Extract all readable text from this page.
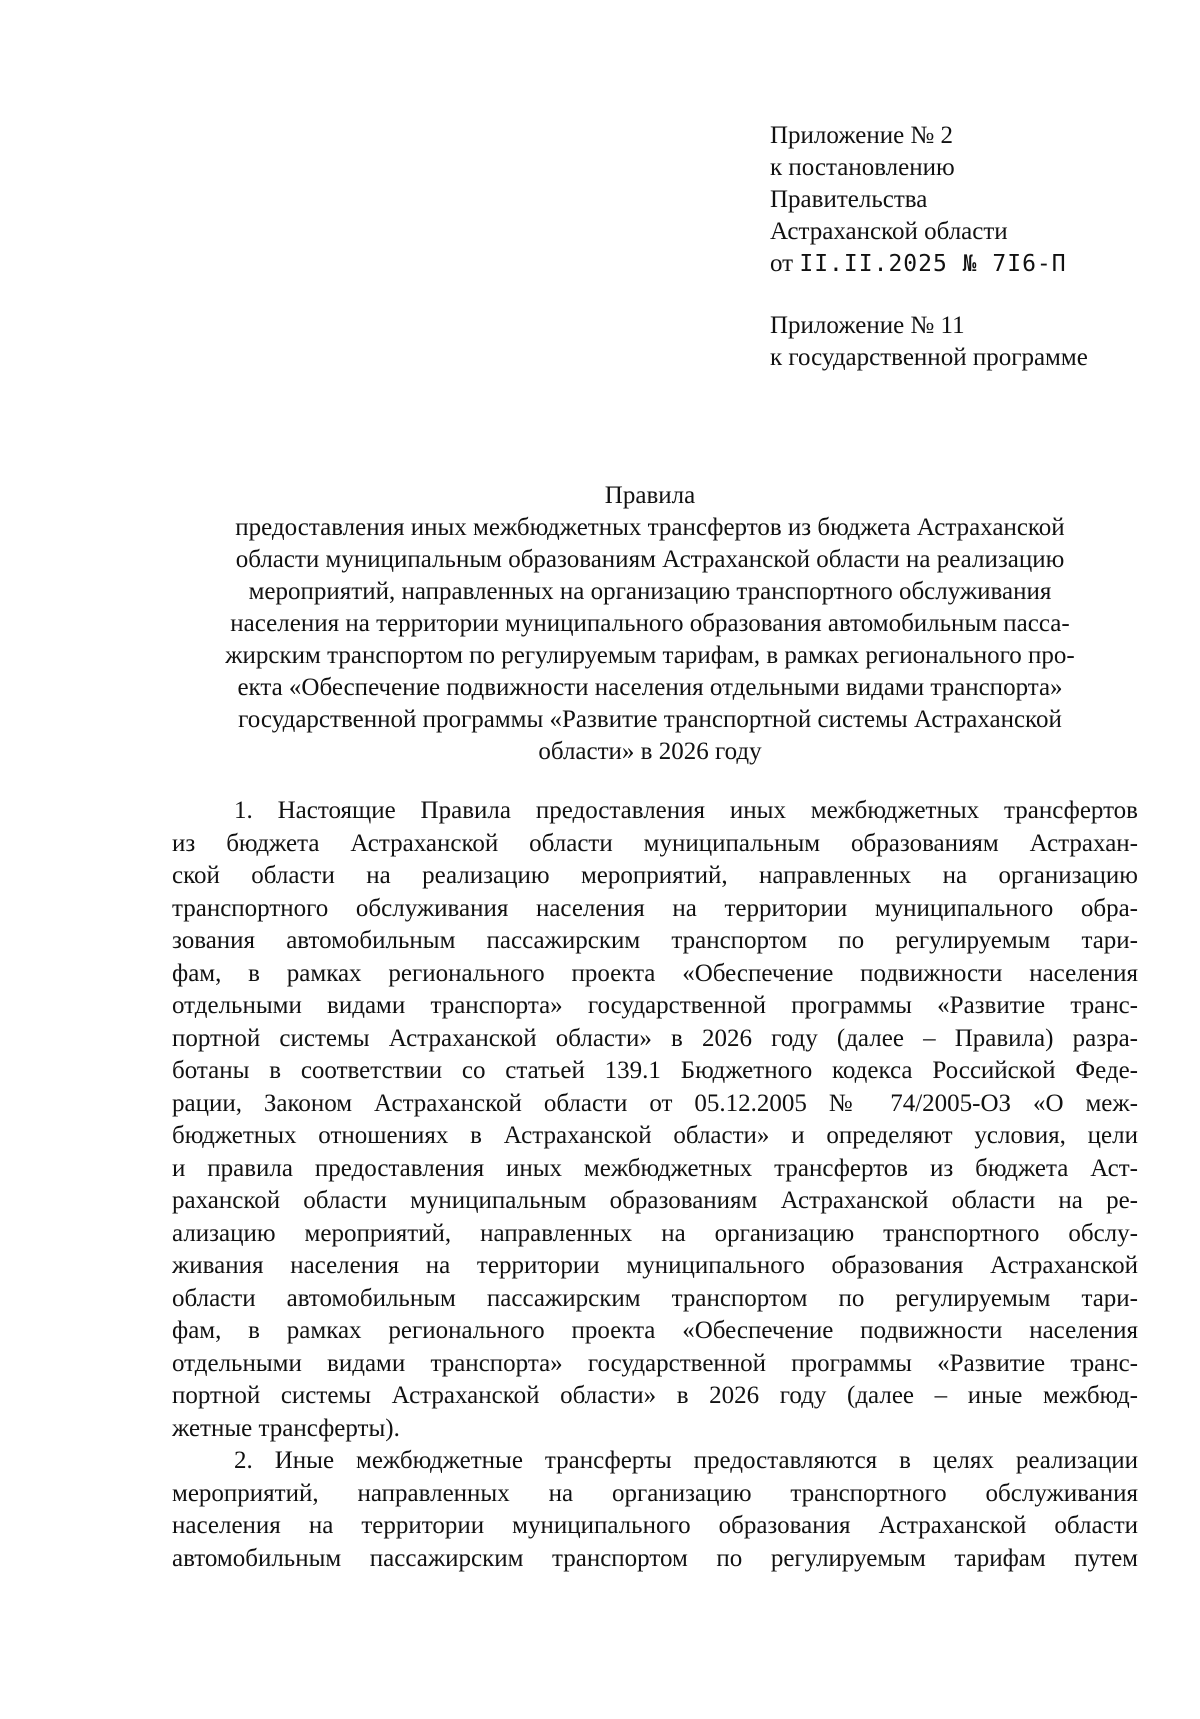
Приложение № 2
к постановлению
Правительства
Астраханской области
от II.II.2025 № 7I6-П
Приложение № 11
к государственной программе
Правила
предоставления иных межбюджетных трансфертов из бюджета Астраханской
области муниципальным образованиям Астраханской области на реализацию
мероприятий, направленных на организацию транспортного обслуживания
населения на территории муниципального образования автомобильным пасса-
жирским транспортом по регулируемым тарифам, в рамках регионального про-
екта «Обеспечение подвижности населения отдельными видами транспорта»
государственной программы «Развитие транспортной системы Астраханской
области» в 2026 году
1. Настоящие Правила предоставления иных межбюджетных трансфертов
из бюджета Астраханской области муниципальным образованиям Астрахан-
ской области на реализацию мероприятий, направленных на организацию
транспортного обслуживания населения на территории муниципального обра-
зования автомобильным пассажирским транспортом по регулируемым тари-
фам, в рамках регионального проекта «Обеспечение подвижности населения
отдельными видами транспорта» государственной программы «Развитие транс-
портной системы Астраханской области» в 2026 году (далее – Правила) разра-
ботаны в соответствии со статьей 139.1 Бюджетного кодекса Российской Феде-
рации, Законом Астраханской области от 05.12.2005 № 74/2005-ОЗ «О меж-
бюджетных отношениях в Астраханской области» и определяют условия, цели
и правила предоставления иных межбюджетных трансфертов из бюджета Аст-
раханской области муниципальным образованиям Астраханской области на ре-
ализацию мероприятий, направленных на организацию транспортного обслу-
живания населения на территории муниципального образования Астраханской
области автомобильным пассажирским транспортом по регулируемым тари-
фам, в рамках регионального проекта «Обеспечение подвижности населения
отдельными видами транспорта» государственной программы «Развитие транс-
портной системы Астраханской области» в 2026 году (далее – иные межбюд-
жетные трансферты).
2. Иные межбюджетные трансферты предоставляются в целях реализации
мероприятий, направленных на организацию транспортного обслуживания
населения на территории муниципального образования Астраханской области
автомобильным пассажирским транспортом по регулируемым тарифам путем
